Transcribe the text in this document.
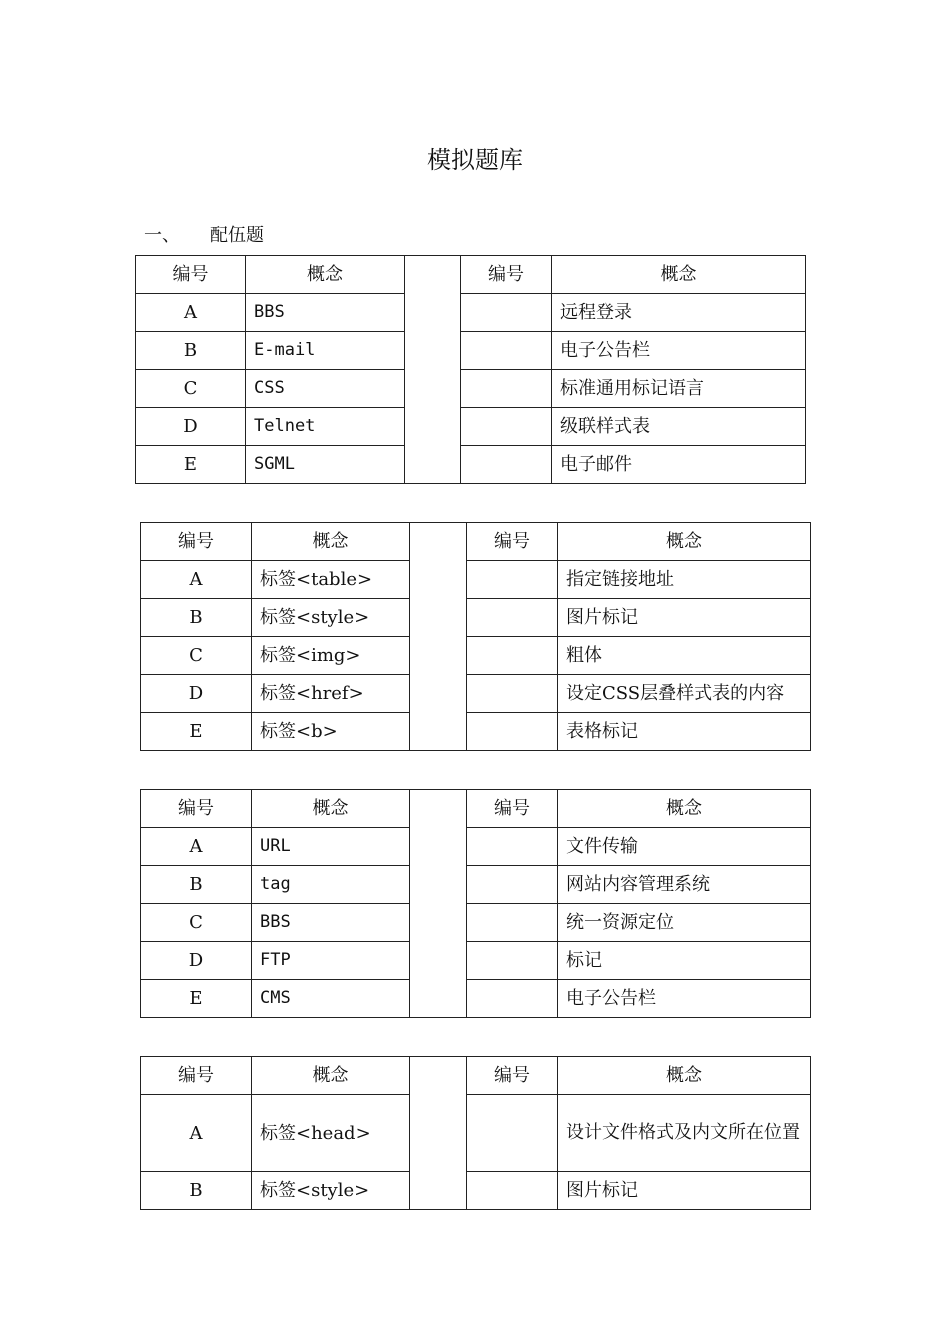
模拟题库
一、 配伍题
编号	概念		编号	概念
A	BBS			远程登录
B	E-mail			电子公告栏
C	CSS			标准通用标记语言
D	Telnet			级联样式表
E	SGML			电子邮件
编号	概念		编号	概念
A	标签<table>			指定链接地址
B	标签<style>			图片标记
C	标签<img>			粗体
D	标签<href>			设定CSS层叠样式表的内容
E	标签<b>			表格标记
编号	概念		编号	概念
A	URL			文件传输
B	tag			网站内容管理系统
C	BBS			统一资源定位
D	FTP			标记
E	CMS			电子公告栏
编号	概念		编号	概念
A	标签<head>			设计文件格式及内文所在位置
B	标签<style>			图片标记
